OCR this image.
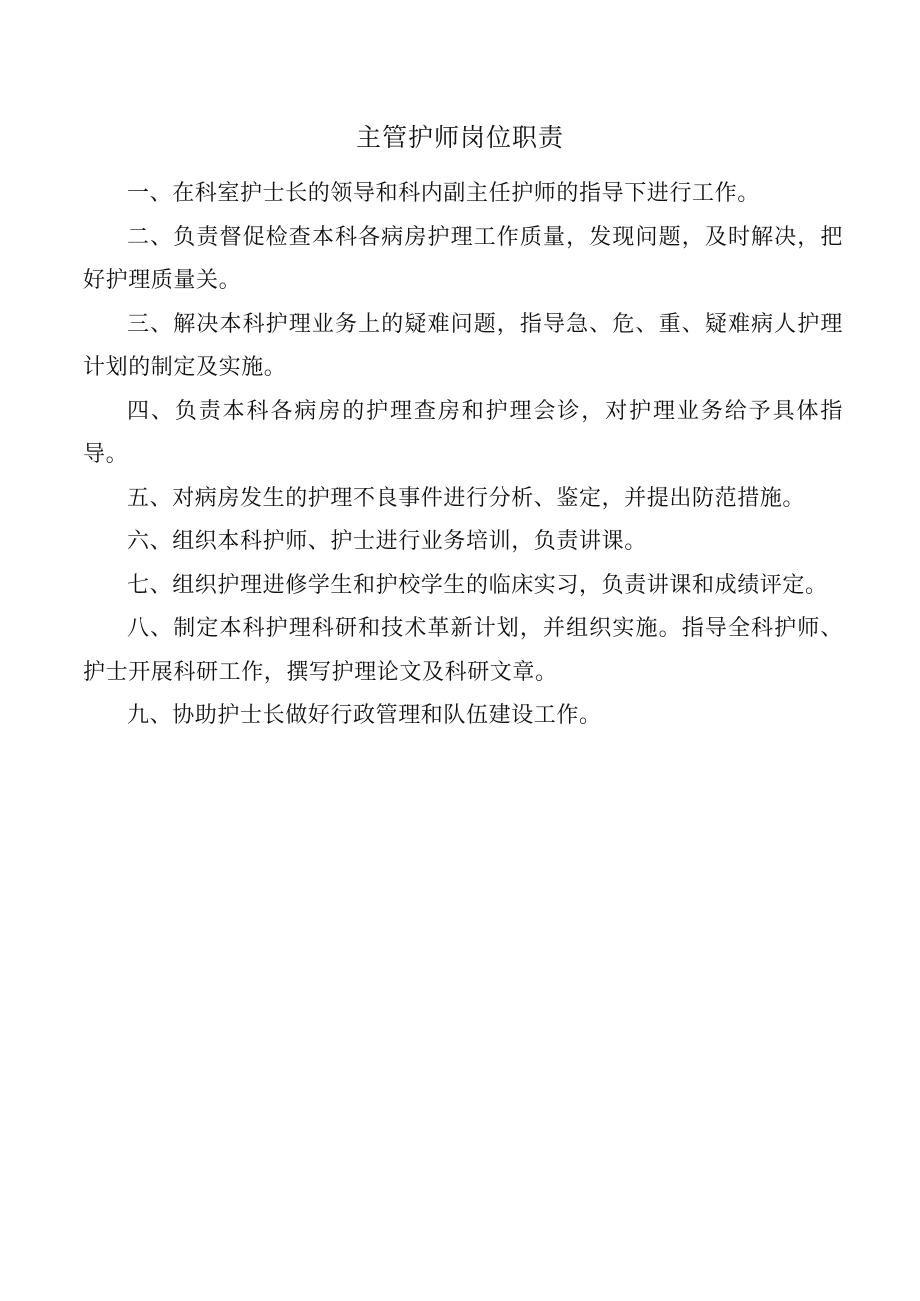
主管护师岗位职责

一、在科室护士长的领导和科内副主任护师的指导下进行工作。

二、负责督促检查本科各病房护理工作质量，发现问题，及时解决，把好护理质量关。

三、解决本科护理业务上的疑难问题，指导急、危、重、疑难病人护理计划的制定及实施。

四、负责本科各病房的护理查房和护理会诊，对护理业务给予具体指导。

五、对病房发生的护理不良事件进行分析、鉴定，并提出防范措施。

六、组织本科护师、护士进行业务培训，负责讲课。

七、组织护理进修学生和护校学生的临床实习，负责讲课和成绩评定。

八、制定本科护理科研和技术革新计划，并组织实施。指导全科护师、护士开展科研工作，撰写护理论文及科研文章。

九、协助护士长做好行政管理和队伍建设工作。
